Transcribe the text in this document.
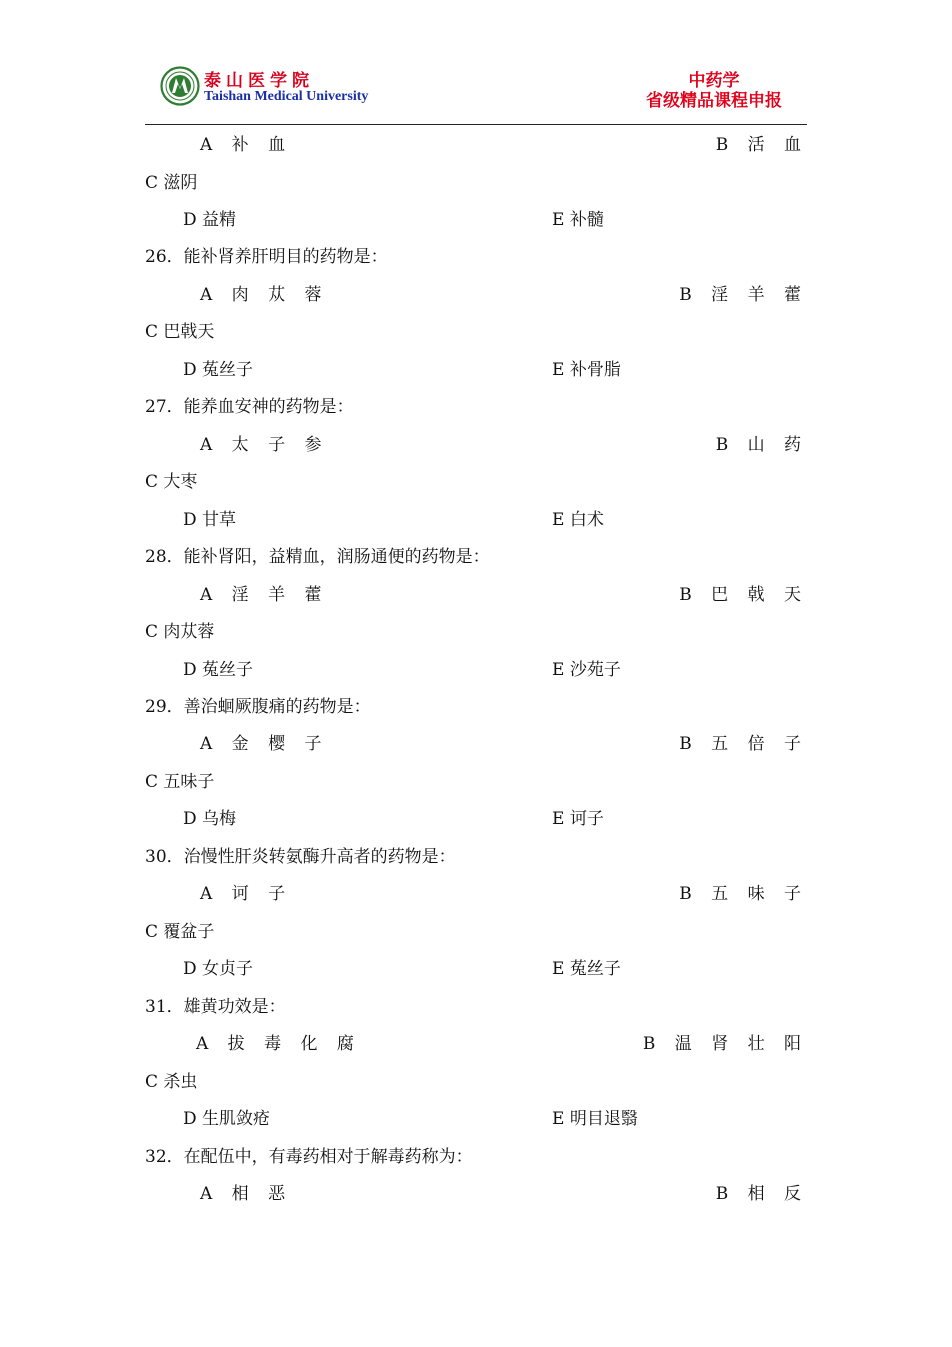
泰山医学院
Taishan Medical University
中药学
省级精品课程申报
A 补 血	B 活 血
C 滋阴
D 益精	E 补髓
26．能补肾养肝明目的药物是：
A 肉 苁 蓉	B 淫 羊 藿
C 巴戟天
D 菟丝子	E 补骨脂
27．能养血安神的药物是：
A 太 子 参	B 山 药
C 大枣
D 甘草	E 白术
28．能补肾阳，益精血，润肠通便的药物是：
A 淫 羊 藿	B 巴 戟 天
C 肉苁蓉
D 菟丝子	E 沙苑子
29．善治蛔厥腹痛的药物是：
A 金 樱 子	B 五 倍 子
C 五味子
D 乌梅	E 诃子
30．治慢性肝炎转氨酶升高者的药物是：
A 诃 子	B 五 味 子
C 覆盆子
D 女贞子	E 菟丝子
31．雄黄功效是：
A 拔 毒 化 腐	B 温 肾 壮 阳
C 杀虫
D 生肌敛疮	E 明目退翳
32．在配伍中，有毒药相对于解毒药称为：
A 相 恶	B 相 反
